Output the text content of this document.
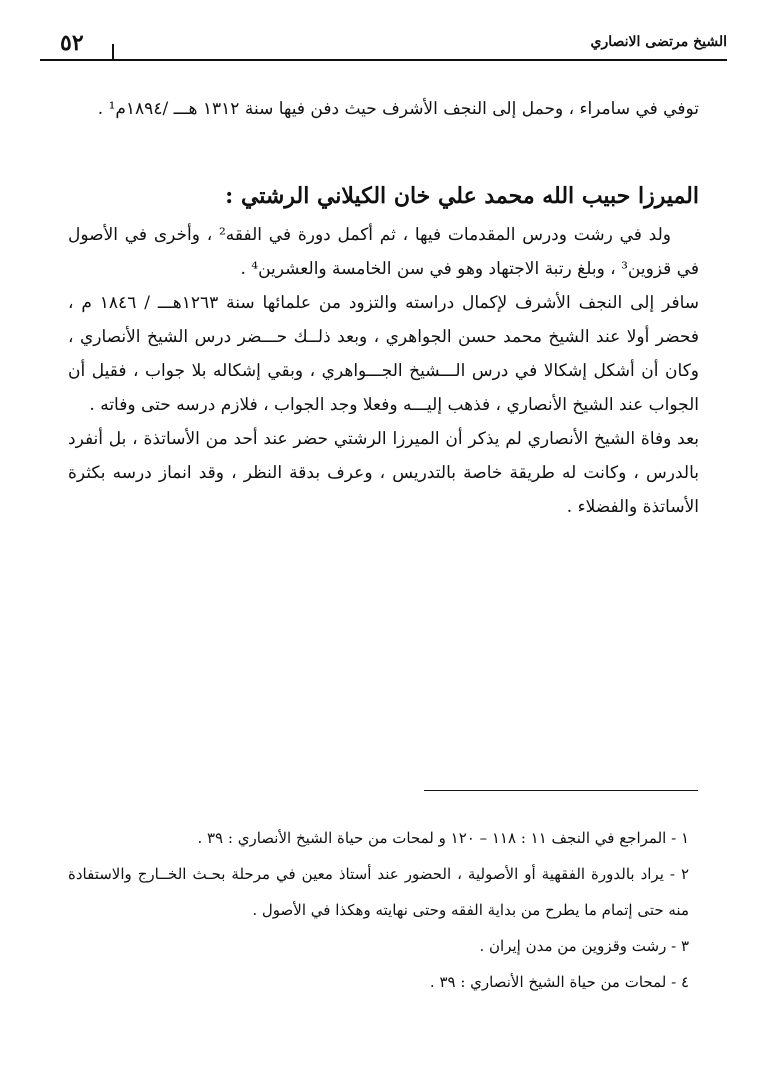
الشيخ مرتضى الانصاري
٥٢

توفي في سامراء ، وحمل إلى النجف الأشرف حيث دفن فيها سنة ١٣١٢ هـــ /١٨٩٤م¹ .

الميرزا حبيب الله محمد علي خان الكيلاني الرشتي :

ولد في رشت ودرس المقدمات فيها ، ثم أكمل دورة في الفقه² ، وأخرى في الأصول في قزوين³ ، وبلغ رتبة الاجتهاد وهو في سن الخامسة والعشرين⁴ .

سافر إلى النجف الأشرف لإكمال دراسته والتزود من علمائها سنة ١٢٦٣هـــ / ١٨٤٦ م ، فحضر أولا عند الشيخ محمد حسن الجواهري ، وبعد ذلــك حـــضر درس الشيخ الأنصاري ، وكان أن أشكل إشكالا في درس الـــشيخ الجـــواهري ، وبقي إشكاله بلا جواب ، فقيل أن الجواب عند الشيخ الأنصاري ، فذهب إليـــه وفعلا وجد الجواب ، فلازم درسه حتى وفاته .

بعد وفاة الشيخ الأنصاري لم يذكر أن الميرزا الرشتي حضر عند أحد من الأساتذة ، بل أنفرد بالدرس ، وكانت له طريقة خاصة بالتدريس ، وعرف بدقة النظر ، وقد انماز درسه بكثرة الأساتذة والفضلاء .

١ - المراجع في النجف ١١ : ١١٨ – ١٢٠ و لمحات من حياة الشيخ الأنصاري : ٣٩ .

٢ - يراد بالدورة الفقهية أو الأصولية ، الحضور عند أستاذ معين في مرحلة بحـث الخــارج والاستفادة منه حتى إتمام ما يطرح من بداية الفقه وحتى نهايته وهكذا في الأصول .

٣ - رشت وقزوين من مدن إيران .

٤ - لمحات من حياة الشيخ الأنصاري : ٣٩ .
